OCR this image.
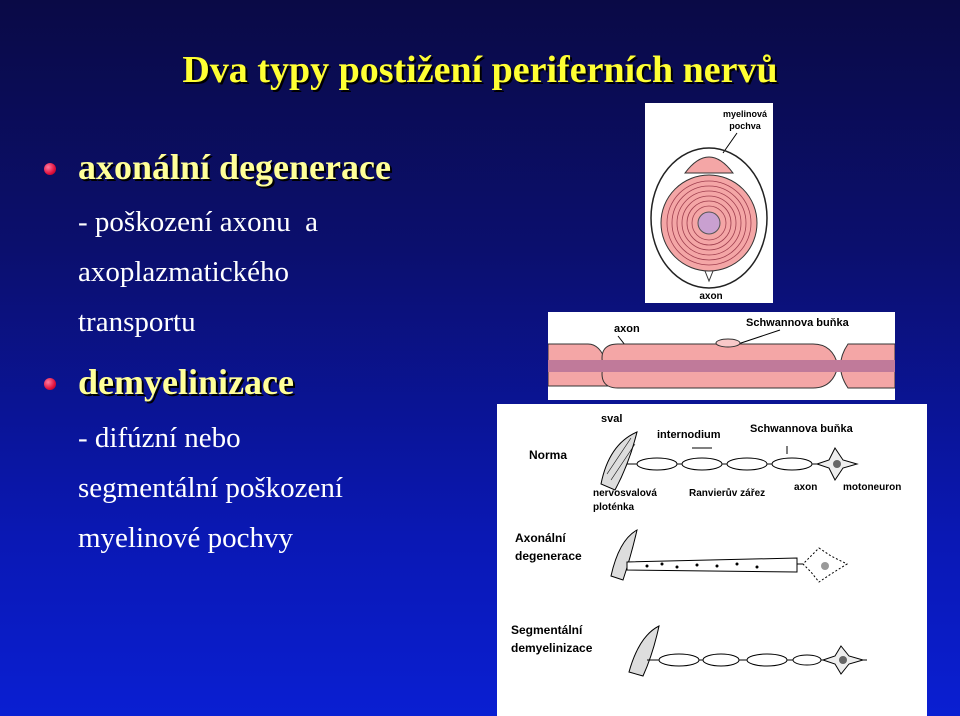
Dva typy postižení periferních nervů
axonální degenerace
- poškození axonu  a
axoplazmatického
transportu
demyelinizace
- difúzní nebo
segmentální poškození
myelinové pochvy
myelinová
pochva
axon
axon	Schwannova buňka
sval
internodium	Schwannova buňka
Norma
nervosvalová
ploténka
Ranvierův zářez
axon	motoneuron
Axonální
degenerace
Segmentální
demyelinizace
